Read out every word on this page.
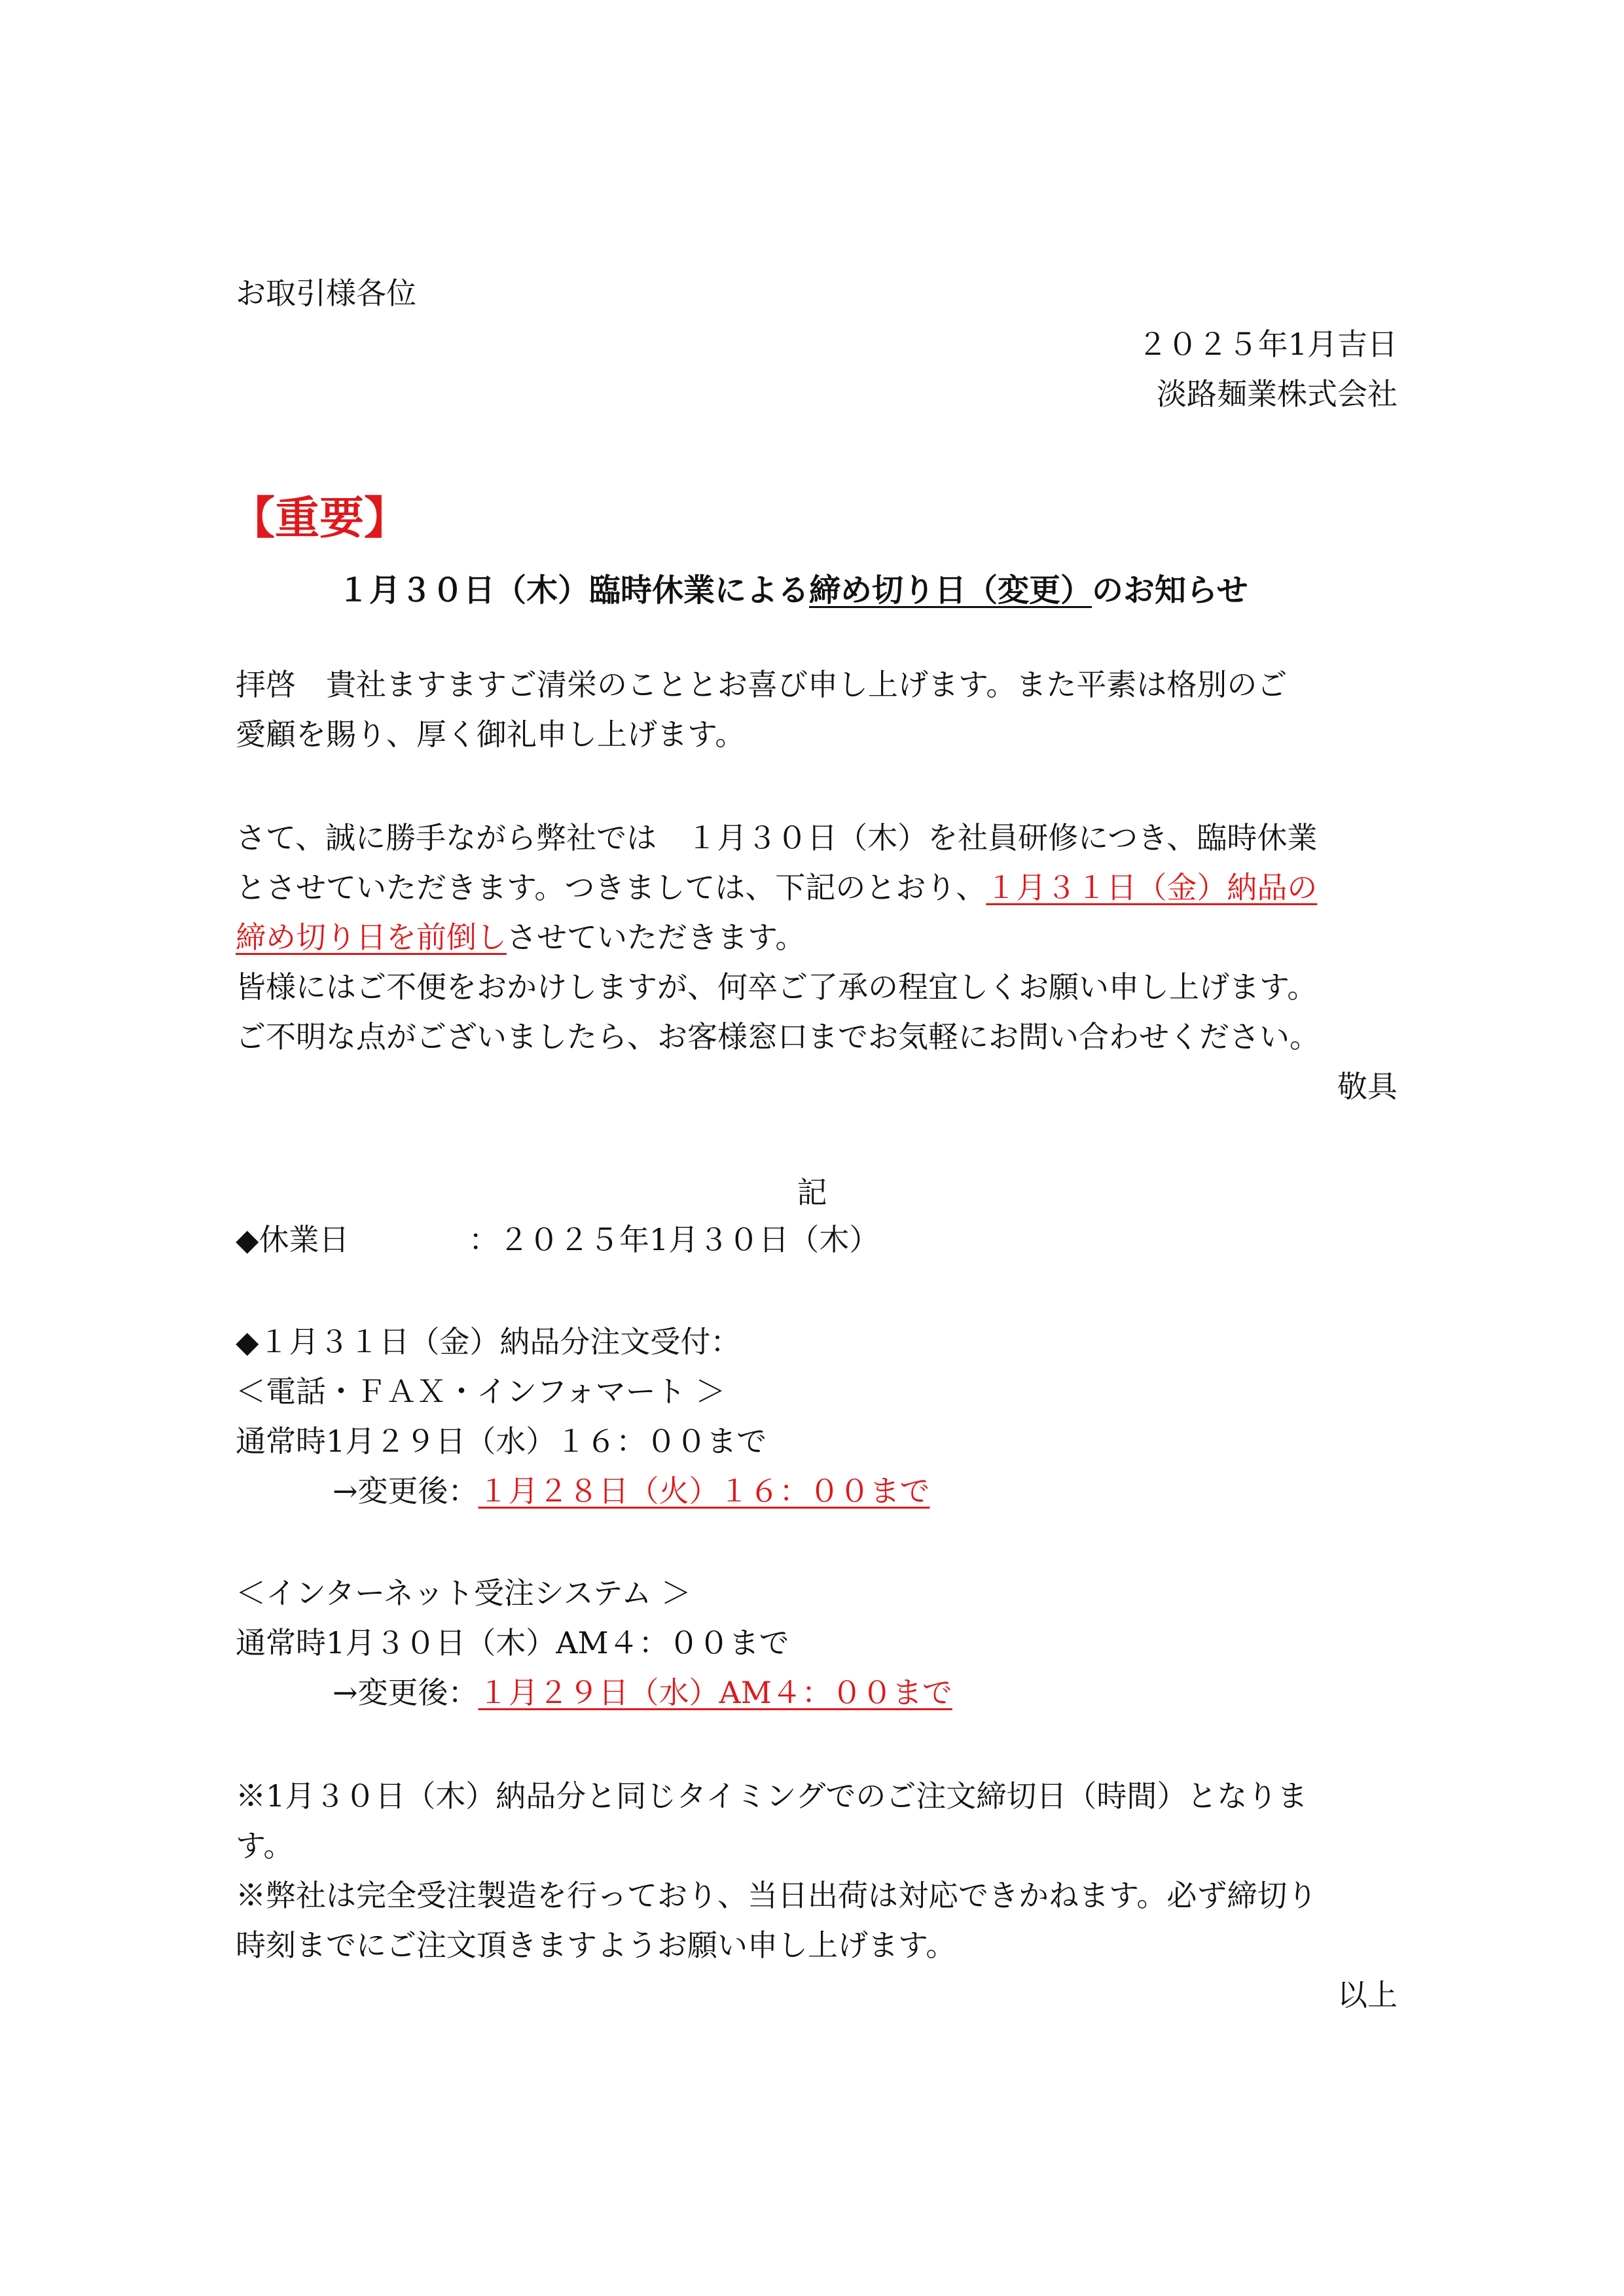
お取引様各位
２０２５年1月吉日
淡路麺業株式会社
【重要】
１月３０日（木）臨時休業による締め切り日（変更）のお知らせ
拝啓　貴社ますますご清栄のこととお喜び申し上げます。また平素は格別のご
愛顧を賜り、厚く御礼申し上げます。
さて、誠に勝手ながら弊社では　１月３０日（木）を社員研修につき、臨時休業
とさせていただきます。つきましては、下記のとおり、１月３１日（金）納品の
締め切り日を前倒しさせていただきます。
皆様にはご不便をおかけしますが、何卒ご了承の程宜しくお願い申し上げます。
ご不明な点がございましたら、お客様窓口までお気軽にお問い合わせください。
敬具
記
◆休業日	：２０２５年1月３０日（木）
◆１月３１日（金）納品分注文受付：
＜電話・ＦＡＸ・インフォマート ＞
通常時1月２９日（水）１６：００まで
→変更後：１月２８日（火）１６：００まで
＜インターネット受注システム ＞
通常時1月３０日（木）AM４：００まで
→変更後：１月２９日（水）AM４：００まで
※1月３０日（木）納品分と同じタイミングでのご注文締切日（時間）となりま
す。
※弊社は完全受注製造を行っており、当日出荷は対応できかねます。必ず締切り
時刻までにご注文頂きますようお願い申し上げます。
以上
